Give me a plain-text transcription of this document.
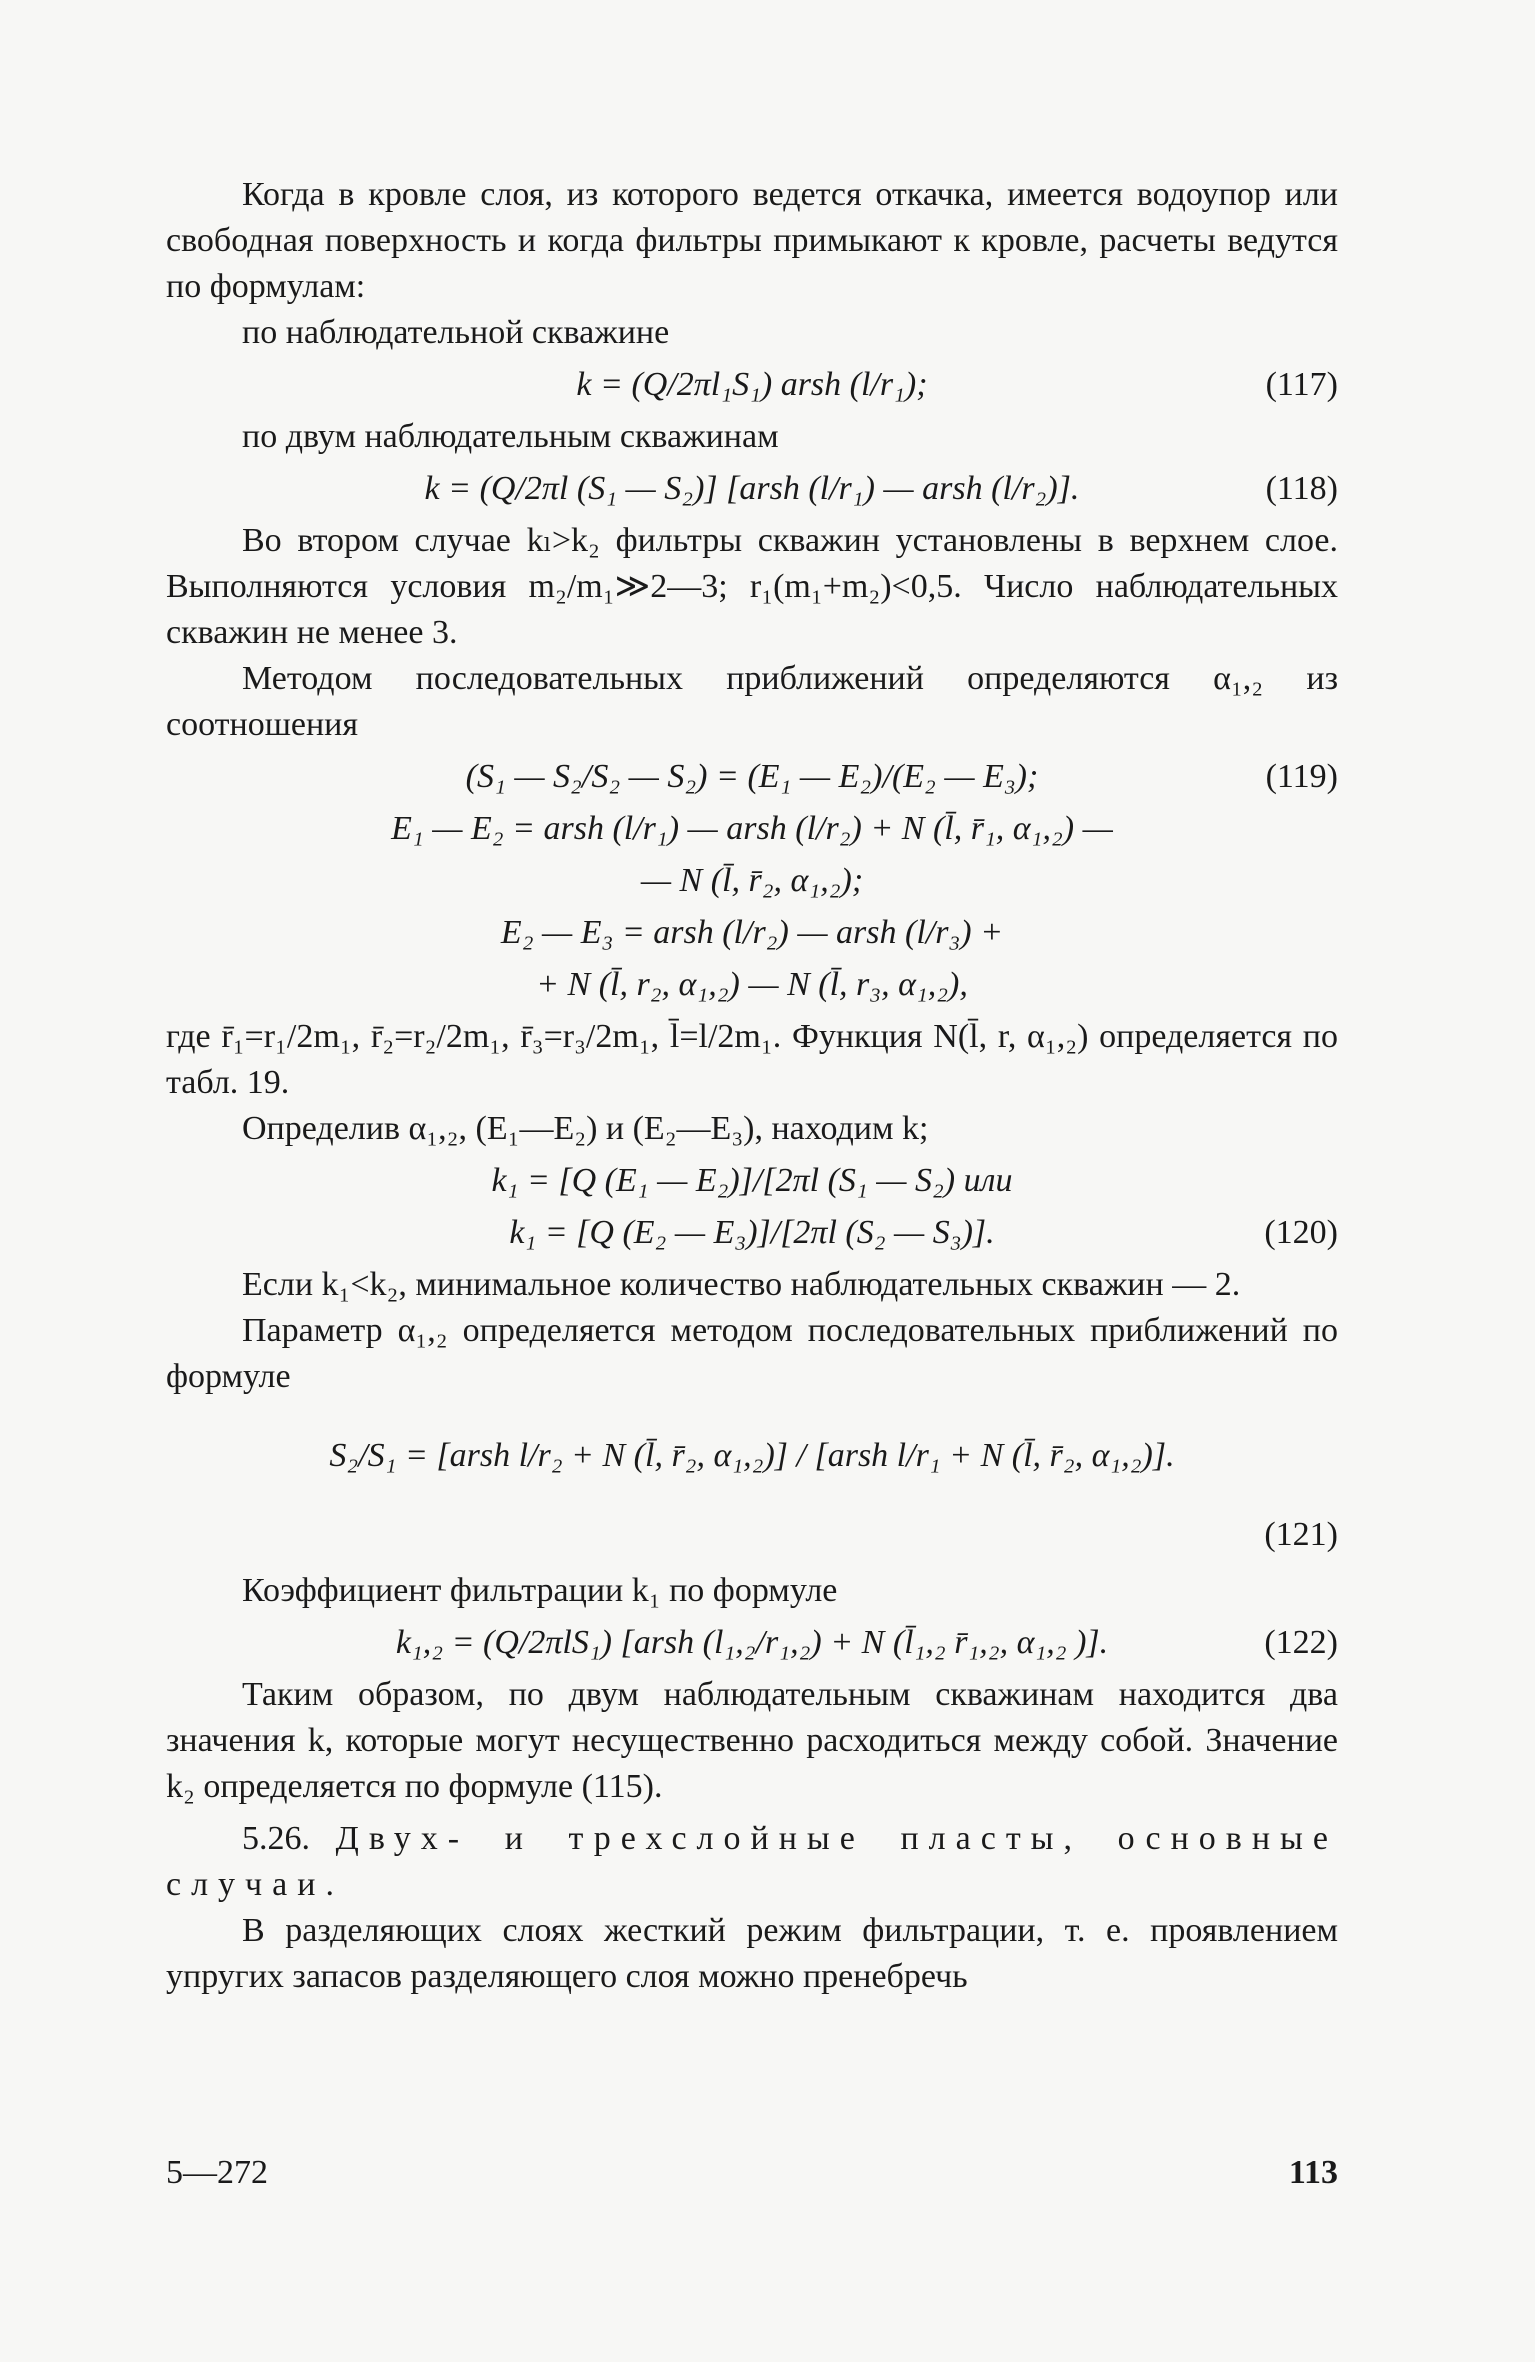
Когда в кровле слоя, из которого ведется откачка, имеется водоупор или свободная поверхность и когда фильтры примыкают к кровле, расчеты ведутся по формулам:

по наблюдательной скважине

k = (Q/2πl₁S₁) arsh (l/r₁);	(117)

по двум наблюдательным скважинам

k = (Q/2πl (S₁ — S₂)] [arsh (l/r₁) — arsh (l/r₂)].	(118)

Во втором случае kₗ>k₂ фильтры скважин установлены в верхнем слое. Выполняются условия m₂/m₁≫2—3; r₁(m₁+m₂)<0,5. Число наблюдательных скважин не менее 3.

Методом последовательных приближений определяются α₁,₂ из соотношения

(S₁ — S₂/S₂ — S₂) = (E₁ — E₂)/(E₂ — E₃);	(119)
E₁ — E₂ = arsh (l/r₁) — arsh (l/r₂) + N (l̄, r̄₁, α₁,₂) —
— N (l̄, r̄₂, α₁,₂);
E₂ — E₃ = arsh (l/r₂) — arsh (l/r₃) +
+ N (l̄, r₂, α₁,₂) — N (l̄, r₃, α₁,₂),

где r̄₁=r₁/2m₁, r̄₂=r₂/2m₁, r̄₃=r₃/2m₁, l̄=l/2m₁. Функция N(l̄, r, α₁,₂) определяется по табл. 19.

Определив α₁,₂, (E₁—E₂) и (E₂—E₃), находим k;

k₁ = [Q (E₁ — E₂)]/[2πl (S₁ — S₂) или
k₁ = [Q (E₂ — E₃)]/[2πl (S₂ — S₃)].	(120)

Если k₁<k₂, минимальное количество наблюдательных скважин — 2.

Параметр α₁,₂ определяется методом последовательных приближений по формуле

S₂/S₁ = [arsh l/r₂ + N (l̄, r̄₂, α₁,₂)] / [arsh l/r₁ + N (l̄, r̄₂, α₁,₂)].
(121)

Коэффициент фильтрации k₁ по формуле

k₁,₂ = (Q/2πlS₁) [arsh (l₁,₂/r₁,₂) + N (l̄₁,₂ r̄₁,₂, α₁,₂ )].	(122)

Таким образом, по двум наблюдательным скважинам находится два значения k, которые могут несущественно расходиться между собой. Значение k₂ определяется по формуле (115).

5.26. Двух- и трехслойные пласты, основные случаи.

В разделяющих слоях жесткий режим фильтрации, т. е. проявлением упругих запасов разделяющего слоя можно пренебречь

5—272	113
